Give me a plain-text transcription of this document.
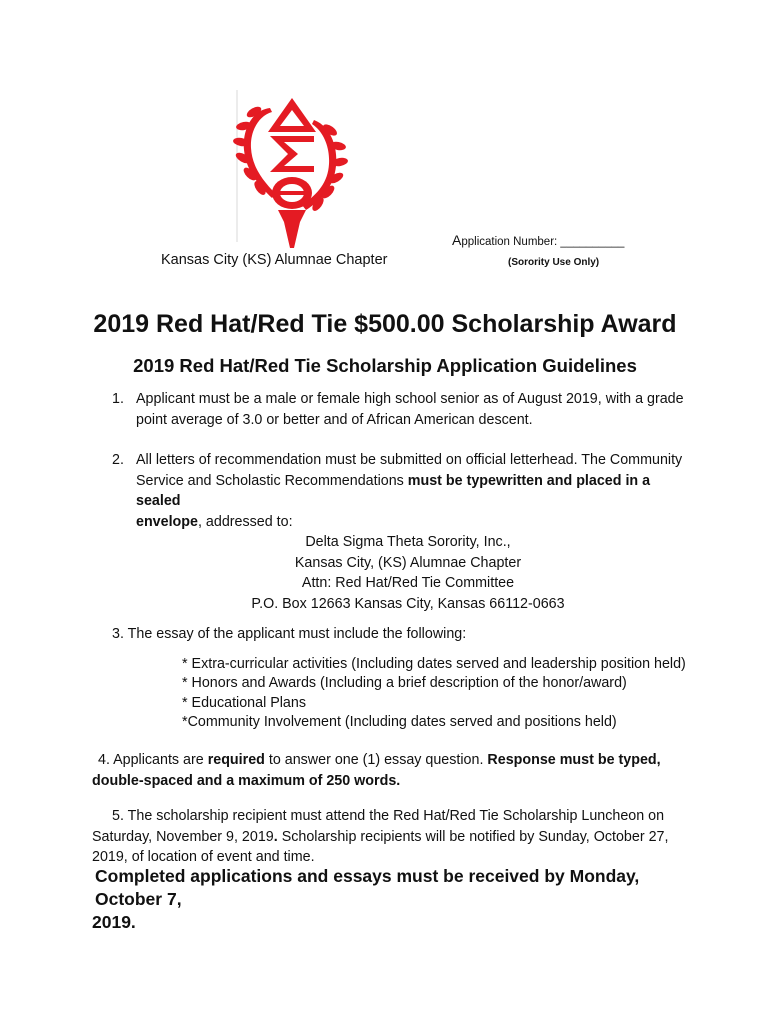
Application Number: __________
Kansas City (KS) Alumnae Chapter	(Sorority Use Only)
2019 Red Hat/Red Tie $500.00 Scholarship Award
2019 Red Hat/Red Tie Scholarship Application Guidelines
1. Applicant must be a male or female high school senior as of August 2019, with a grade
point average of 3.0 or better and of African American descent.
2. All letters of recommendation must be submitted on official letterhead. The Community
Service and Scholastic Recommendations must be typewritten and placed in a sealed
envelope, addressed to:
Delta Sigma Theta Sorority, Inc.,
Kansas City, (KS) Alumnae Chapter
Attn: Red Hat/Red Tie Committee
P.O. Box 12663 Kansas City, Kansas 66112-0663
3. The essay of the applicant must include the following:
* Extra-curricular activities (Including dates served and leadership position held)
* Honors and Awards (Including a brief description of the honor/award)
* Educational Plans
*Community Involvement (Including dates served and positions held)
4. Applicants are required to answer one (1) essay question. Response must be typed,
double-spaced and a maximum of 250 words.
5. The scholarship recipient must attend the Red Hat/Red Tie Scholarship Luncheon on
Saturday, November 9, 2019. Scholarship recipients will be notified by Sunday, October 27,
2019, of location of event and time.
Completed applications and essays must be received by Monday, October 7,
2019.
